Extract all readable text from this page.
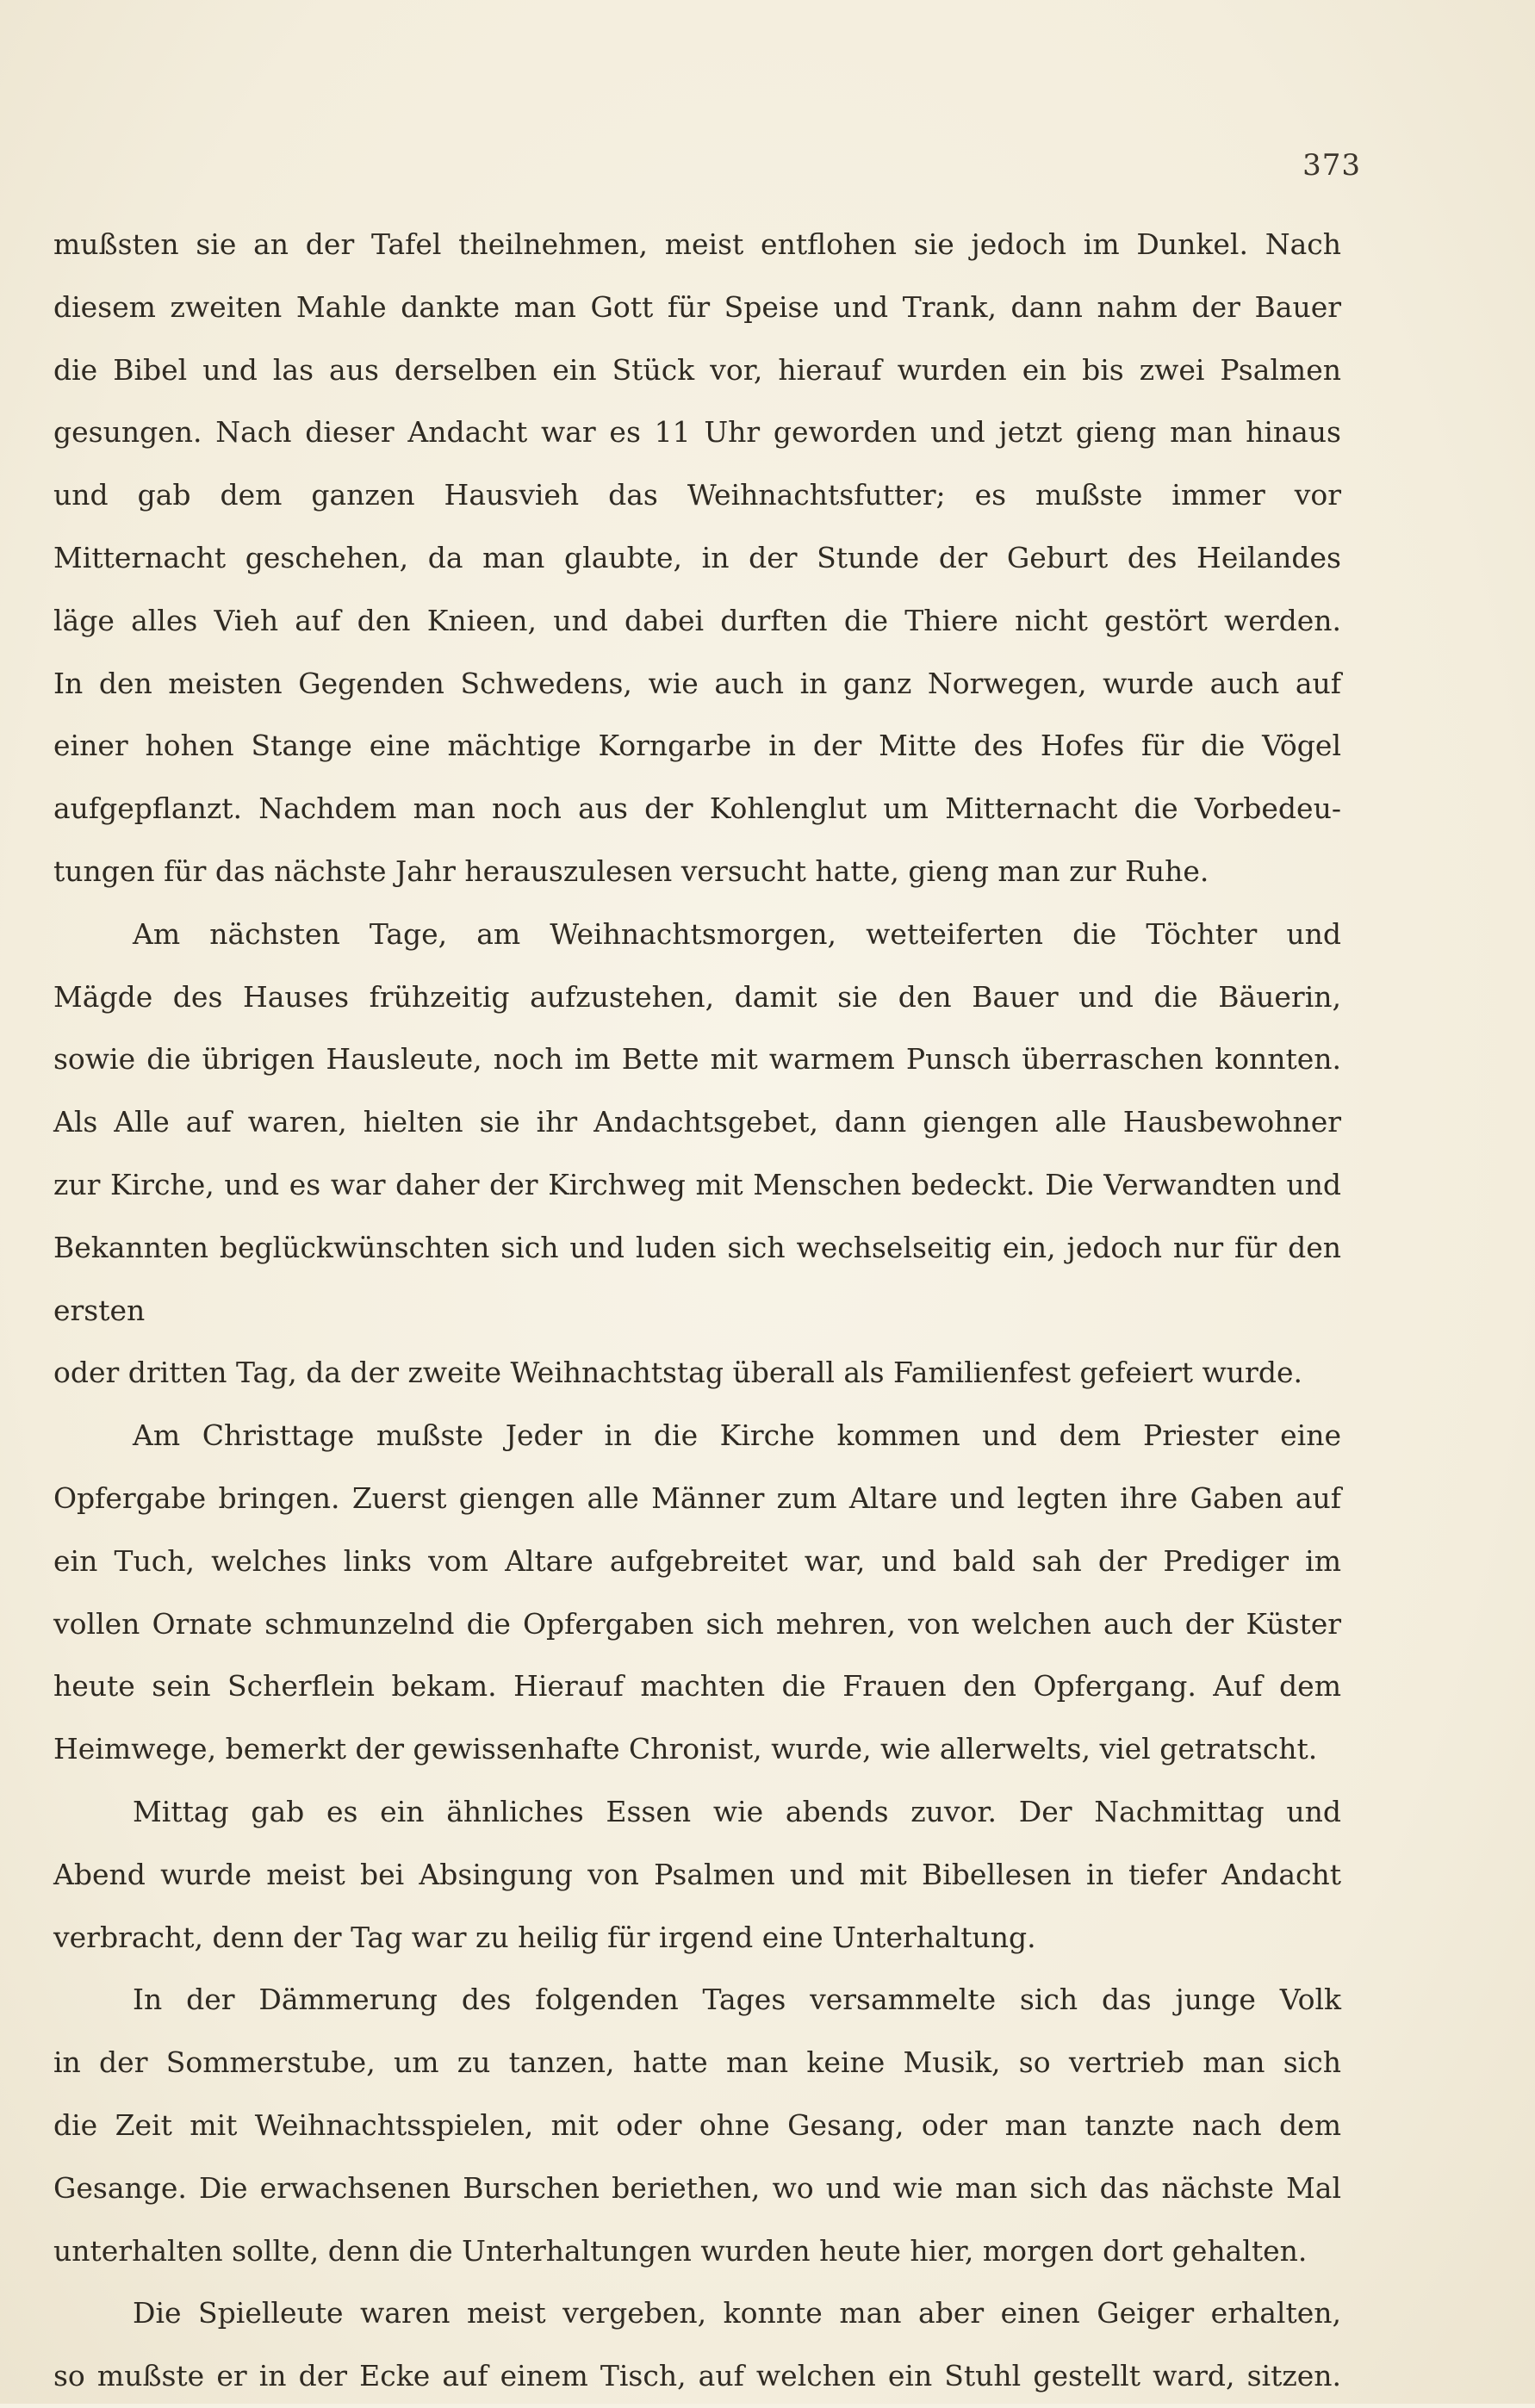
373

mußsten sie an der Tafel theilnehmen, meist entflohen sie jedoch im Dunkel. Nach

diesem zweiten Mahle dankte man Gott für Speise und Trank, dann nahm der Bauer

die Bibel und las aus derselben ein Stück vor, hierauf wurden ein bis zwei Psalmen

gesungen. Nach dieser Andacht war es 11 Uhr geworden und jetzt gieng man hinaus

und gab dem ganzen Hausvieh das Weihnachtsfutter; es mußste immer vor

Mitternacht geschehen, da man glaubte, in der Stunde der Geburt des Heilandes

läge alles Vieh auf den Knieen, und dabei durften die Thiere nicht gestört werden.

In den meisten Gegenden Schwedens, wie auch in ganz Norwegen, wurde auch auf

einer hohen Stange eine mächtige Korngarbe in der Mitte des Hofes für die Vögel

aufgepflanzt. Nachdem man noch aus der Kohlenglut um Mitternacht die Vorbedeu-

tungen für das nächste Jahr herauszulesen versucht hatte, gieng man zur Ruhe.

Am nächsten Tage, am Weihnachtsmorgen, wetteiferten die Töchter und

Mägde des Hauses frühzeitig aufzustehen, damit sie den Bauer und die Bäuerin,

sowie die übrigen Hausleute, noch im Bette mit warmem Punsch überraschen konnten.

Als Alle auf waren, hielten sie ihr Andachtsgebet, dann giengen alle Hausbewohner

zur Kirche, und es war daher der Kirchweg mit Menschen bedeckt. Die Verwandten und

Bekannten beglückwünschten sich und luden sich wechselseitig ein, jedoch nur für den ersten

oder dritten Tag, da der zweite Weihnachtstag überall als Familienfest gefeiert wurde.

Am Christtage mußste Jeder in die Kirche kommen und dem Priester eine

Opfergabe bringen. Zuerst giengen alle Männer zum Altare und legten ihre Gaben auf

ein Tuch, welches links vom Altare aufgebreitet war, und bald sah der Prediger im

vollen Ornate schmunzelnd die Opfergaben sich mehren, von welchen auch der Küster

heute sein Scherflein bekam. Hierauf machten die Frauen den Opfergang. Auf dem

Heimwege, bemerkt der gewissenhafte Chronist, wurde, wie allerwelts, viel getratscht.

Mittag gab es ein ähnliches Essen wie abends zuvor. Der Nachmittag und

Abend wurde meist bei Absingung von Psalmen und mit Bibellesen in tiefer Andacht

verbracht, denn der Tag war zu heilig für irgend eine Unterhaltung.

In der Dämmerung des folgenden Tages versammelte sich das junge Volk

in der Sommerstube, um zu tanzen, hatte man keine Musik, so vertrieb man sich

die Zeit mit Weihnachtsspielen, mit oder ohne Gesang, oder man tanzte nach dem

Gesange. Die erwachsenen Burschen beriethen, wo und wie man sich das nächste Mal

unterhalten sollte, denn die Unterhaltungen wurden heute hier, morgen dort gehalten.

Die Spielleute waren meist vergeben, konnte man aber einen Geiger erhalten,

so mußste er in der Ecke auf einem Tisch, auf welchen ein Stuhl gestellt ward, sitzen.
